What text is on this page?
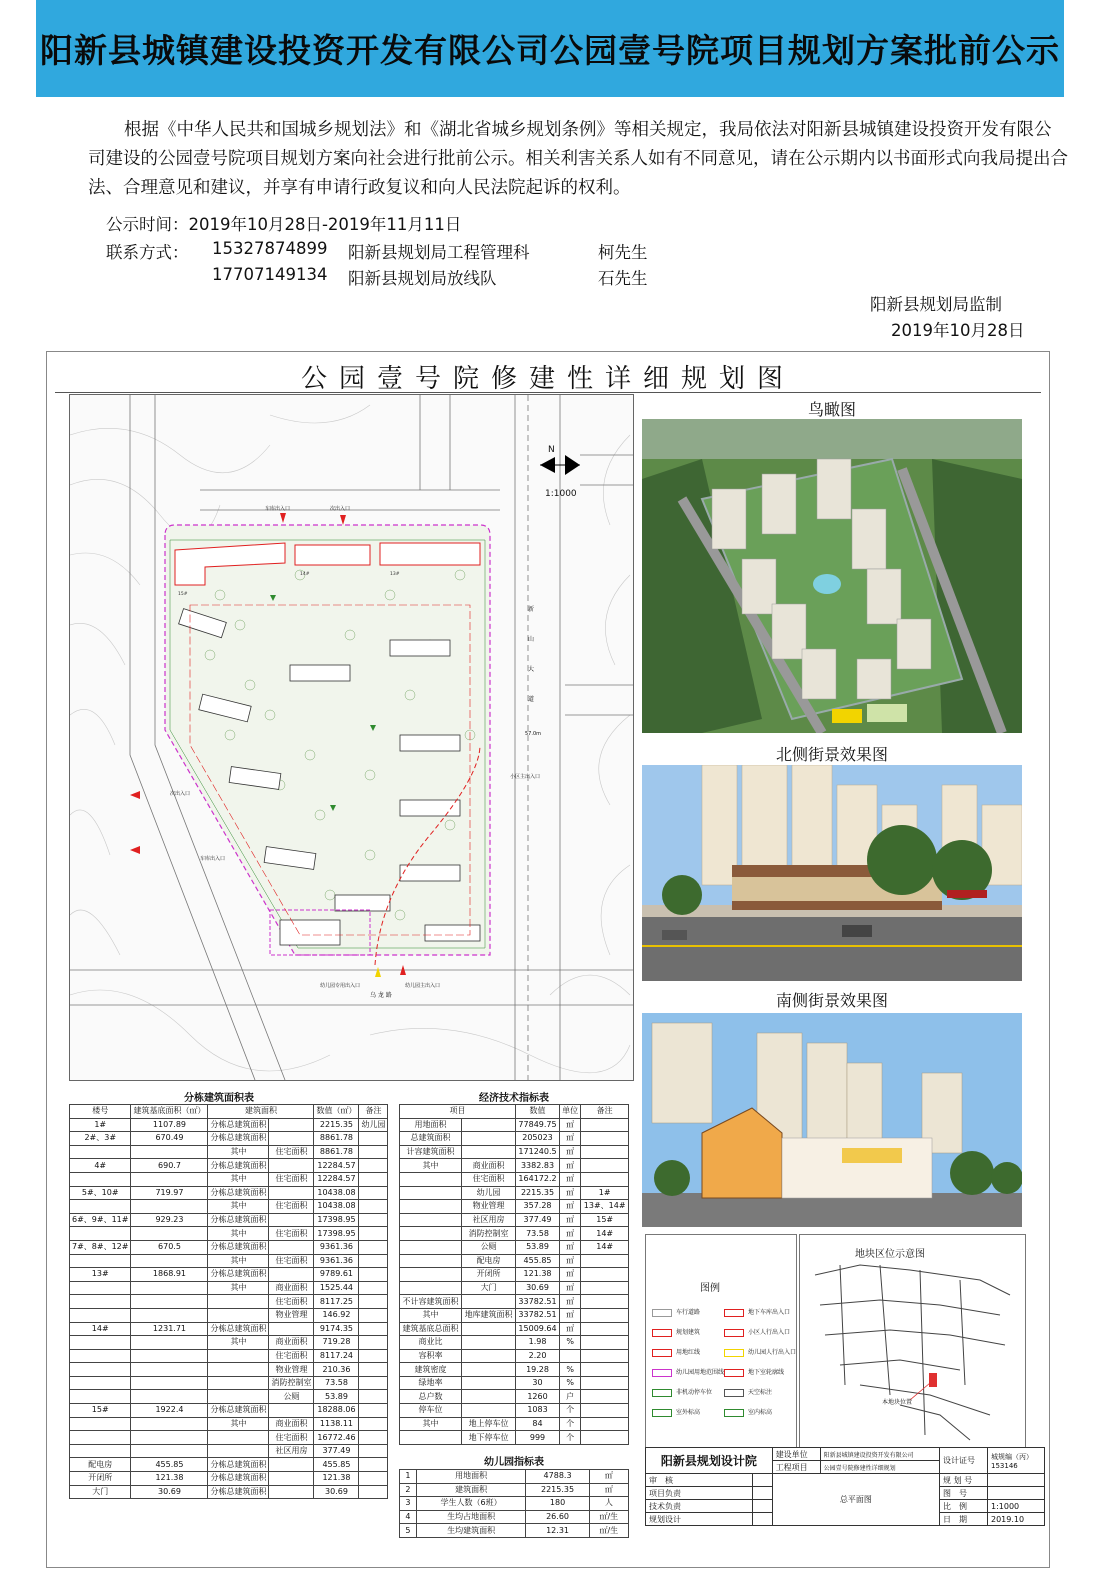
阳新县城镇建设投资开发有限公司公园壹号院项目规划方案批前公示

根据《中华人民共和国城乡规划法》和《湖北省城乡规划条例》等相关规定，我局依法对阳新县城镇建设投资开发有限公司建设的公园壹号院项目规划方案向社会进行批前公示。相关利害关系人如有不同意见，请在公示期内以书面形式向我局提出合法、合理意见和建议，并享有申请行政复议和向人民法院起诉的权利。

公示时间：2019年10月28日-2019年11月11日
联系方式： 15327874899 阳新县规划局工程管理科	柯先生
17707149134 阳新县规划局放线队	石先生
阳新县规划局监制
2019年10月28日
公园壹号院修建性详细规划图
15#
14#	13#
N
1:1000
车库出入口	次出入口
车库出入口
次出入口
小区主出入口
幼儿园主出入口
幼儿园专用出入口
新 山 大 道
乌 龙 路
57.0m
鸟瞰图
北侧街景效果图
南侧街景效果图
分栋建筑面积表
楼号	建筑基底面积（㎡）	建筑面积		数值（㎡）	备注
1#	1107.89	分栋总建筑面积		2215.35	幼儿园
2#、3#	670.49	分栋总建筑面积		8861.78	
		其中	住宅面积	8861.78	
4#	690.7	分栋总建筑面积		12284.57	
		其中	住宅面积	12284.57	
5#、10#	719.97	分栋总建筑面积		10438.08	
		其中	住宅面积	10438.08	
6#、9#、11#	929.23	分栋总建筑面积		17398.95	
		其中	住宅面积	17398.95	
7#、8#、12#	670.5	分栋总建筑面积		9361.36	
		其中	住宅面积	9361.36	
13#	1868.91	分栋总建筑面积		9789.61	
		其中	商业面积	1525.44	
			住宅面积	8117.25	
			物业管理	146.92	
14#	1231.71	分栋总建筑面积		9174.35	
		其中	商业面积	719.28	
			住宅面积	8117.24	
			物业管理	210.36	
			消防控制室	73.58	
			公厕	53.89	
15#	1922.4	分栋总建筑面积		18288.06	
		其中	商业面积	1138.11	
			住宅面积	16772.46	
			社区用房	377.49	
配电房	455.85	分栋总建筑面积		455.85	
开闭所	121.38	分栋总建筑面积		121.38	
大门	30.69	分栋总建筑面积		30.69	
经济技术指标表
项目		数值	单位	备注
用地面积		77849.75	㎡	
总建筑面积		205023	㎡	
计容建筑面积		171240.5	㎡	
其中	商业面积	3382.83	㎡	
	住宅面积	164172.2	㎡	
	幼儿园	2215.35	㎡	1#
	物业管理	357.28	㎡	13#、14#
	社区用房	377.49	㎡	15#
	消防控制室	73.58	㎡	14#
	公厕	53.89	㎡	14#
	配电房	455.85	㎡	
	开闭所	121.38	㎡	
	大门	30.69	㎡	
不计容建筑面积		33782.51	㎡	
其中	地库建筑面积	33782.51	㎡	
建筑基底总面积		15009.64	㎡	
商业比		1.98	%	
容积率		2.20		
建筑密度		19.28	%	
绿地率		30	%	
总户数		1260	户	
停车位		1083	个	
其中	地上停车位	84	个	
	地下停车位	999	个	
幼儿园指标表
1	用地面积	4788.3	㎡
2	建筑面积	2215.35	㎡
3	学生人数（6班）	180	人
4	生均占地面积	26.60	㎡/生
5	生均建筑面积	12.31	㎡/生
图例
车行道路
规划建筑
用地红线
幼儿园用地范围线
非机动停车位
室外标高
地下车库出入口
小区人行出入口
幼儿园人行出入口
地下室轮廓线
天空标注
室内标高
地块区位示意图
本地块位置
阳新县规划设计院		建设单位	阳新县城镇建设投资开发有限公司	设计证号	城规编（丙）153146
		工程项目	公园壹号院修建性详细规划		
审　核		总平面图		规 划 号	
项目负责				图　号	
技术负责				比　例	1:1000
规划设计				日　期	2019.10
